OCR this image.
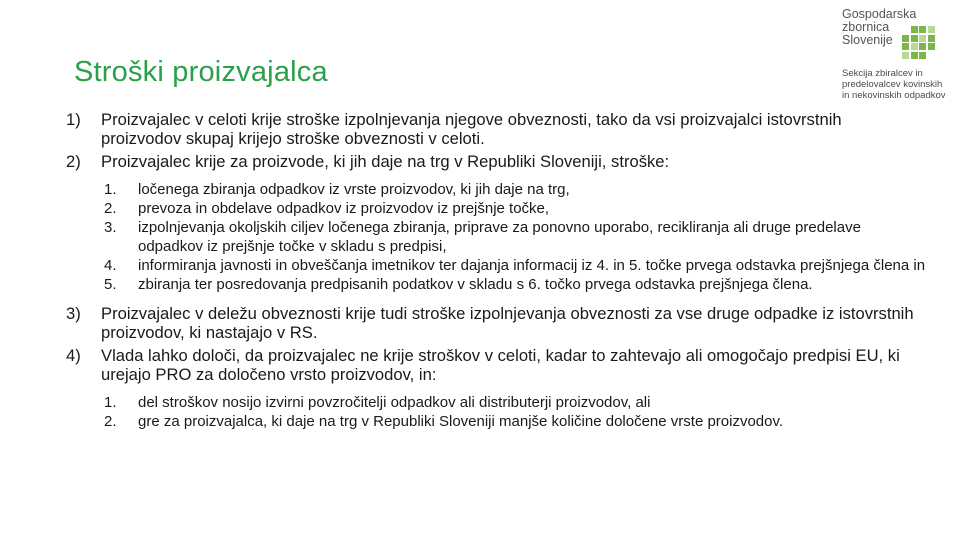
Stroški proizvajalca
Gospodarska
zbornica
Slovenije
Sekcija zbiralcev in
predelovalcev kovinskih
in nekovinskih odpadkov
1)	Proizvajalec v celoti krije stroške izpolnjevanja njegove obveznosti, tako da vsi proizvajalci istovrstnih proizvodov skupaj krijejo stroške obveznosti v celoti.
2)	Proizvajalec krije za proizvode, ki jih daje na trg v Republiki Sloveniji, stroške:
1.	ločenega zbiranja odpadkov iz vrste proizvodov, ki jih daje na trg,
2.	prevoza in obdelave odpadkov iz proizvodov iz prejšnje točke,
3.	izpolnjevanja okoljskih ciljev ločenega zbiranja, priprave za ponovno uporabo, recikliranja ali druge predelave odpadkov iz prejšnje točke v skladu s predpisi,
4.	informiranja javnosti in obveščanja imetnikov ter dajanja informacij iz 4. in 5. točke prvega odstavka prejšnjega člena in
5.	zbiranja ter posredovanja predpisanih podatkov v skladu s 6. točko prvega odstavka prejšnjega člena.
3)	Proizvajalec v deležu obveznosti krije tudi stroške izpolnjevanja obveznosti za vse druge odpadke iz istovrstnih proizvodov, ki nastajajo v RS.
4)	Vlada lahko določi, da proizvajalec ne krije stroškov v celoti, kadar to zahtevajo ali omogočajo predpisi EU, ki urejajo PRO za določeno vrsto proizvodov, in:
1.	del stroškov nosijo izvirni povzročitelji odpadkov ali distributerji proizvodov, ali
2.	gre za proizvajalca, ki daje na trg v Republiki Sloveniji manjše količine določene vrste proizvodov.
